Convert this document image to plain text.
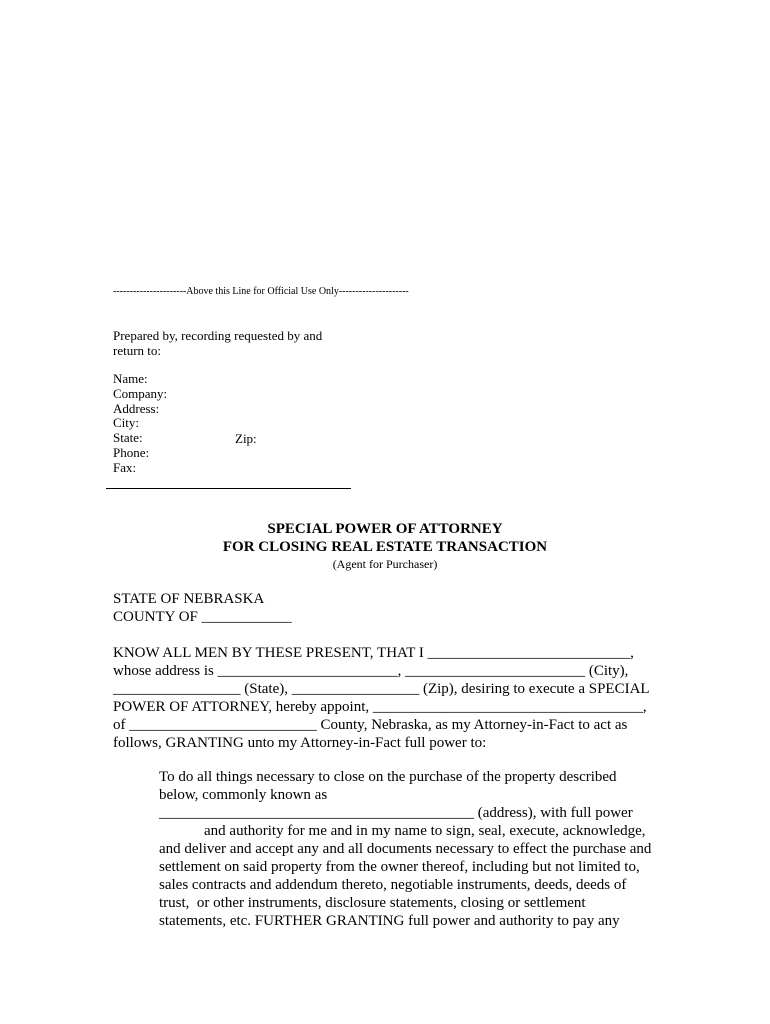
----------------------Above this Line for Official Use Only---------------------
Prepared by, recording requested by and
return to:
Name:
Company:
Address:
City:
State:
Phone:
Fax:
Zip:
SPECIAL POWER OF ATTORNEY
FOR CLOSING REAL ESTATE TRANSACTION
(Agent for Purchaser)
STATE OF NEBRASKA
COUNTY OF ____________
KNOW ALL MEN BY THESE PRESENT, THAT I ___________________________,
whose address is ________________________, ________________________ (City),
_________________ (State), _________________ (Zip), desiring to execute a SPECIAL
POWER OF ATTORNEY, hereby appoint, ____________________________________,
of _________________________ County, Nebraska, as my Attorney-in-Fact to act as
follows, GRANTING unto my Attorney-in-Fact full power to:
To do all things necessary to close on the purchase of the property described
below, commonly known as
__________________________________________ (address), with full power
and authority for me and in my name to sign, seal, execute, acknowledge,
and deliver and accept any and all documents necessary to effect the purchase and
settlement on said property from the owner thereof, including but not limited to,
sales contracts and addendum thereto, negotiable instruments, deeds, deeds of
trust,  or other instruments, disclosure statements, closing or settlement
statements, etc. FURTHER GRANTING full power and authority to pay any
